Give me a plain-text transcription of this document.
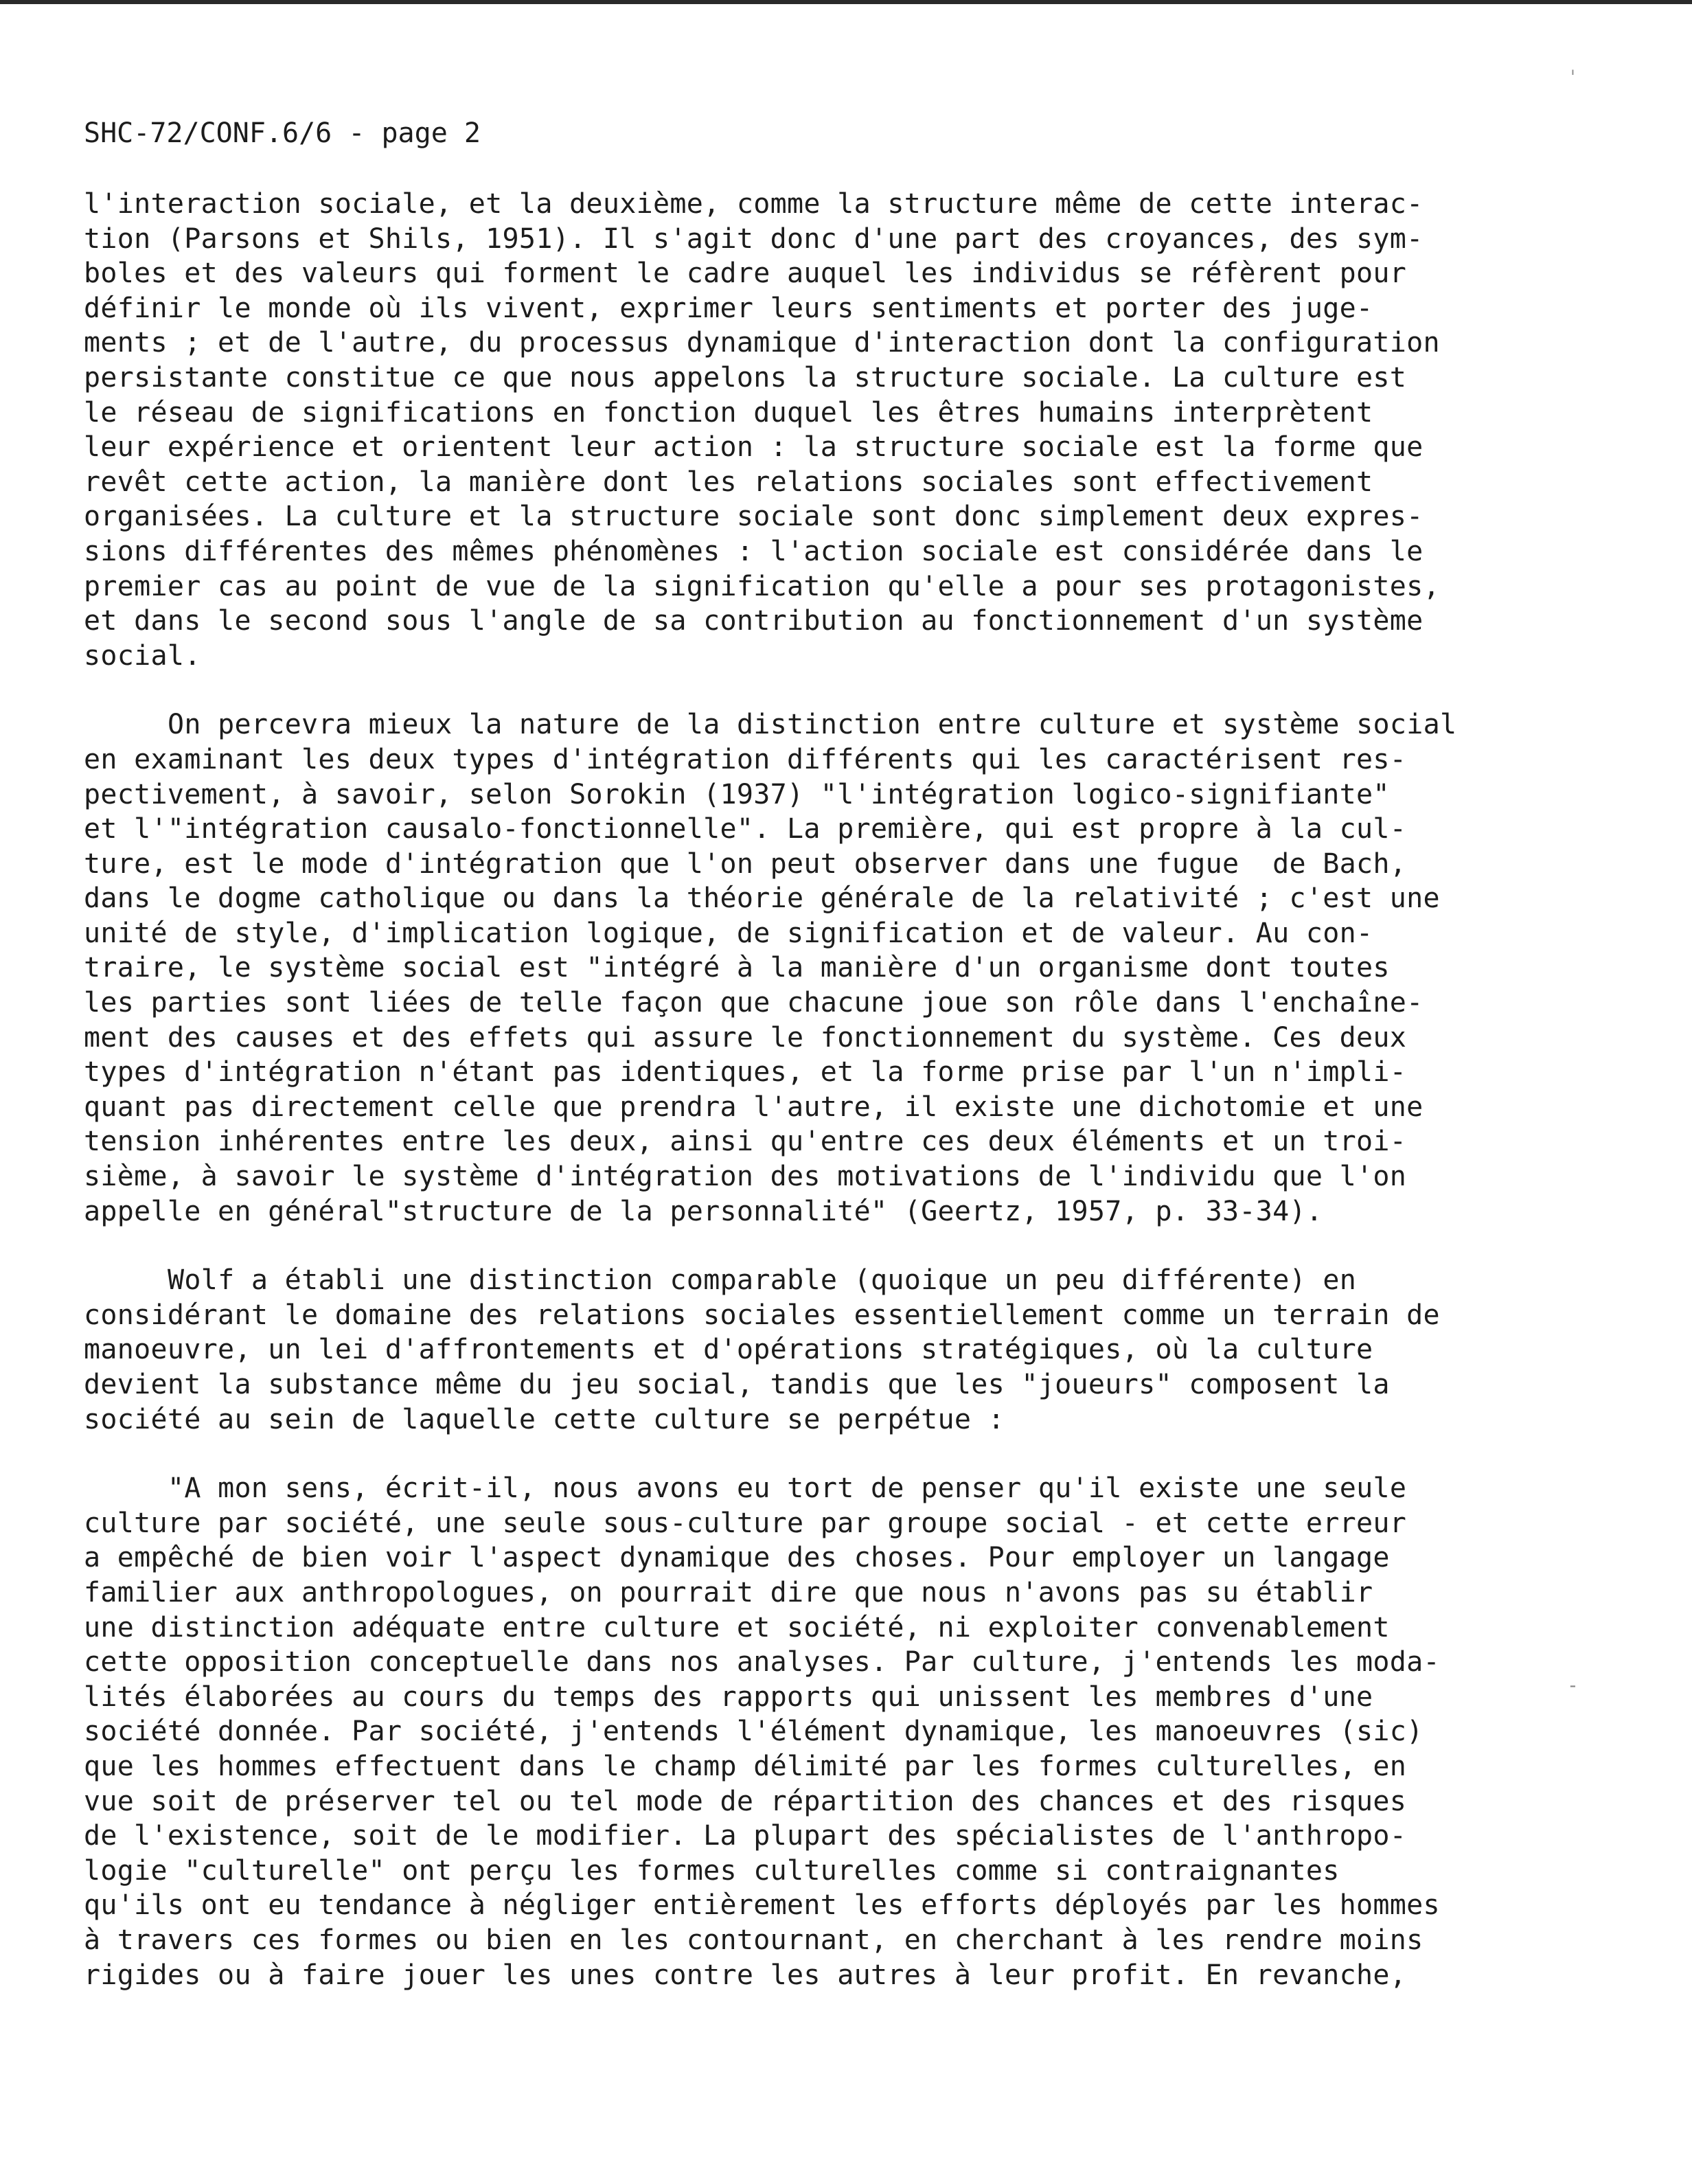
SHC-72/CONF.6/6 - page 2
ˌ
-
l'interaction sociale, et la deuxième, comme la structure même de cette interac-
tion (Parsons et Shils, 1951). Il s'agit donc d'une part des croyances, des sym-
boles et des valeurs qui forment le cadre auquel les individus se réfèrent pour
définir le monde où ils vivent, exprimer leurs sentiments et porter des juge-
ments ; et de l'autre, du processus dynamique d'interaction dont la configuration
persistante constitue ce que nous appelons la structure sociale. La culture est
le réseau de significations en fonction duquel les êtres humains interprètent
leur expérience et orientent leur action : la structure sociale est la forme que
revêt cette action, la manière dont les relations sociales sont effectivement
organisées. La culture et la structure sociale sont donc simplement deux expres-
sions différentes des mêmes phénomènes : l'action sociale est considérée dans le
premier cas au point de vue de la signification qu'elle a pour ses protagonistes,
et dans le second sous l'angle de sa contribution au fonctionnement d'un système
social.
On percevra mieux la nature de la distinction entre culture et système social
en examinant les deux types d'intégration différents qui les caractérisent res-
pectivement, à savoir, selon Sorokin (1937) "l'intégration logico-signifiante"
et l'"intégration causalo-fonctionnelle". La première, qui est propre à la cul-
ture, est le mode d'intégration que l'on peut observer dans une fugue  de Bach,
dans le dogme catholique ou dans la théorie générale de la relativité ; c'est une
unité de style, d'implication logique, de signification et de valeur. Au con-
traire, le système social est "intégré à la manière d'un organisme dont toutes
les parties sont liées de telle façon que chacune joue son rôle dans l'enchaîne-
ment des causes et des effets qui assure le fonctionnement du système. Ces deux
types d'intégration n'étant pas identiques, et la forme prise par l'un n'impli-
quant pas directement celle que prendra l'autre, il existe une dichotomie et une
tension inhérentes entre les deux, ainsi qu'entre ces deux éléments et un troi-
sième, à savoir le système d'intégration des motivations de l'individu que l'on
appelle en général"structure de la personnalité" (Geertz, 1957, p. 33-34).
Wolf a établi une distinction comparable (quoique un peu différente) en
considérant le domaine des relations sociales essentiellement comme un terrain de
manoeuvre, un lei d'affrontements et d'opérations stratégiques, où la culture
devient la substance même du jeu social, tandis que les "joueurs" composent la
société au sein de laquelle cette culture se perpétue :
"A mon sens, écrit-il, nous avons eu tort de penser qu'il existe une seule
culture par société, une seule sous-culture par groupe social - et cette erreur
a empêché de bien voir l'aspect dynamique des choses. Pour employer un langage
familier aux anthropologues, on pourrait dire que nous n'avons pas su établir
une distinction adéquate entre culture et société, ni exploiter convenablement
cette opposition conceptuelle dans nos analyses. Par culture, j'entends les moda-
lités élaborées au cours du temps des rapports qui unissent les membres d'une
société donnée. Par société, j'entends l'élément dynamique, les manoeuvres (sic)
que les hommes effectuent dans le champ délimité par les formes culturelles, en
vue soit de préserver tel ou tel mode de répartition des chances et des risques
de l'existence, soit de le modifier. La plupart des spécialistes de l'anthropo-
logie "culturelle" ont perçu les formes culturelles comme si contraignantes
qu'ils ont eu tendance à négliger entièrement les efforts déployés par les hommes
à travers ces formes ou bien en les contournant, en cherchant à les rendre moins
rigides ou à faire jouer les unes contre les autres à leur profit. En revanche,
